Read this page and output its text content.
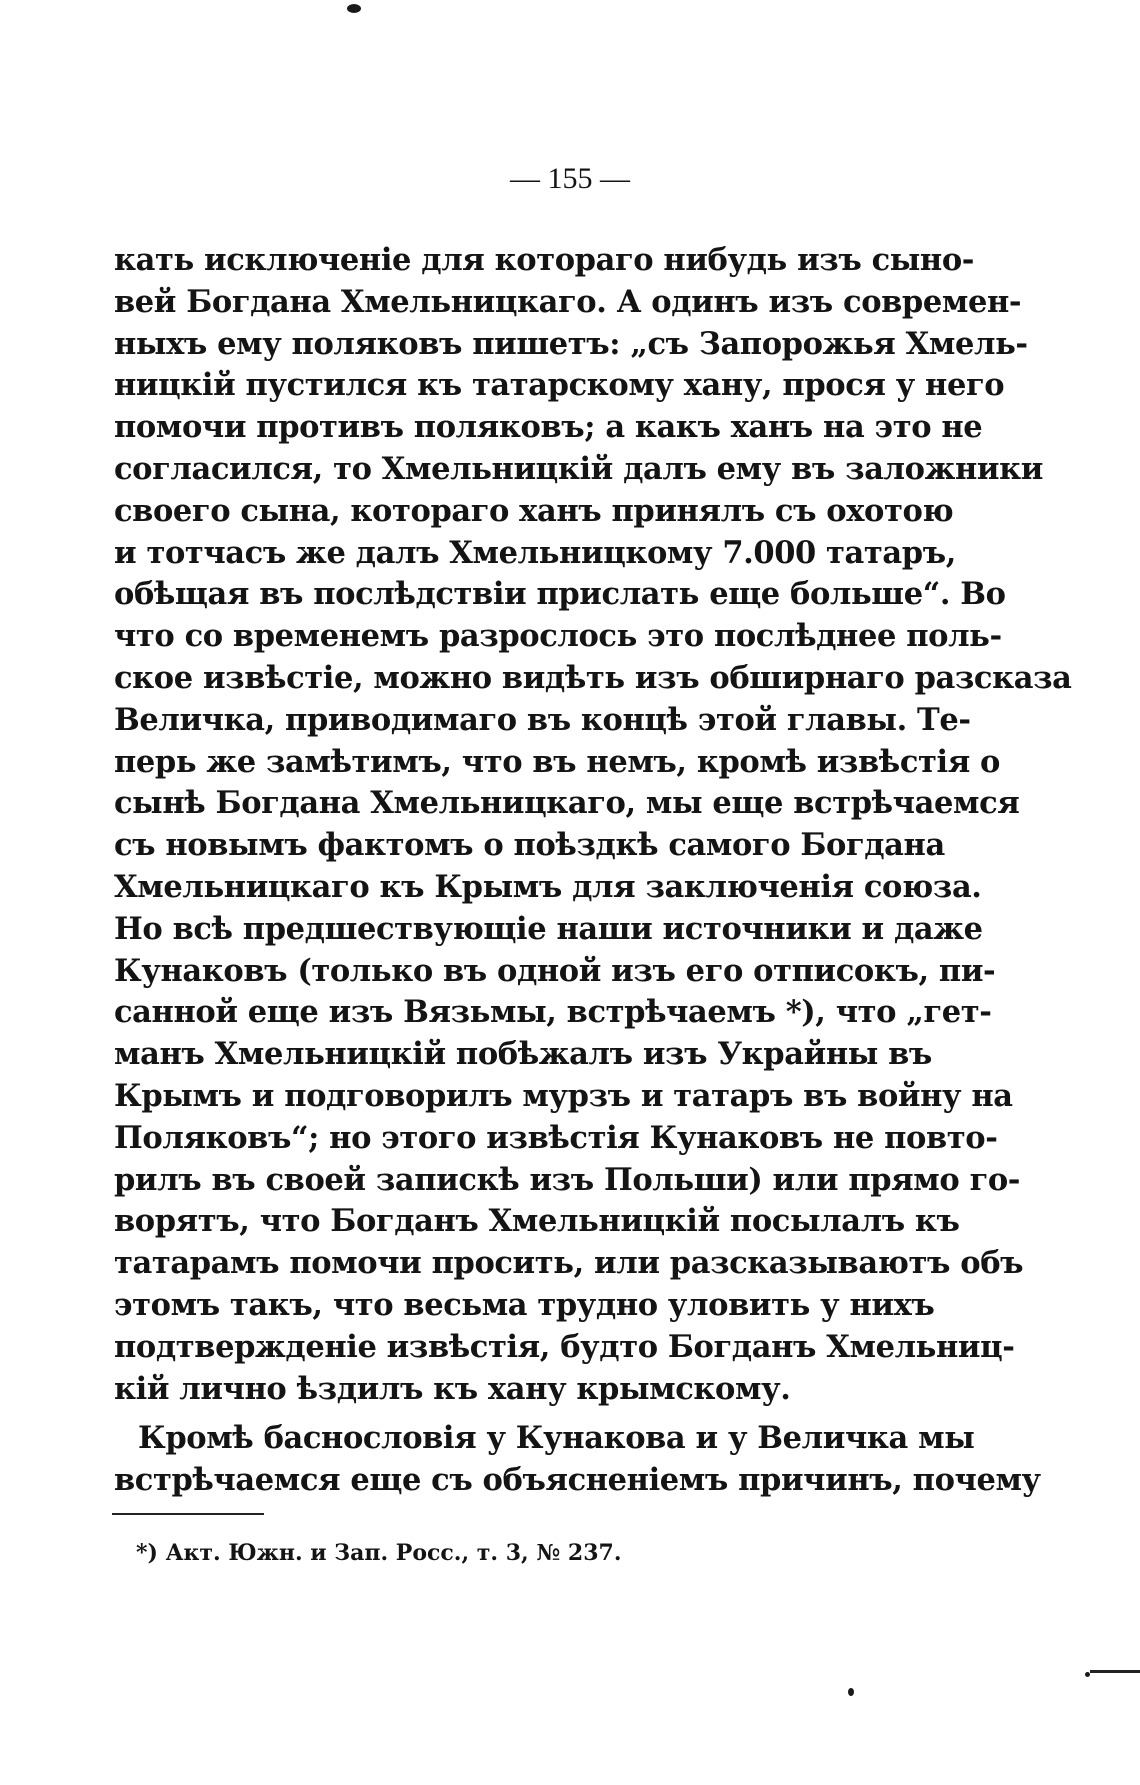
— 155 —
кать исключеніе для котораго нибудь изъ сыно-
вей Богдана Хмельницкаго. А одинъ изъ современ-
ныхъ ему поляковъ пишетъ: „съ Запорожья Хмель-
ницкій пустился къ татарскому хану, прося у него
помочи противъ поляковъ; а какъ ханъ на это не
согласился, то Хмельницкій далъ ему въ заложники
своего сына, котораго ханъ принялъ съ охотою
и тотчасъ же далъ Хмельницкому 7.000 татаръ,
обѣщая въ послѣдствіи прислать еще больше“. Во
что со временемъ разрослось это послѣднее поль-
ское извѣстіе, можно видѣть изъ обширнаго разсказа
Величка, приводимаго въ концѣ этой главы. Те-
перь же замѣтимъ, что въ немъ, кромѣ извѣстія о
сынѣ Богдана Хмельницкаго, мы еще встрѣчаемся
съ новымъ фактомъ о поѣздкѣ самого Богдана
Хмельницкаго къ Крымъ для заключенія союза.
Но всѣ предшествующіе наши источники и даже
Кунаковъ (только въ одной изъ его отписокъ, пи-
санной еще изъ Вязьмы, встрѣчаемъ *), что „гет-
манъ Хмельницкій побѣжалъ изъ Украйны въ
Крымъ и подговорилъ мурзъ и татаръ въ войну на
Поляковъ“; но этого извѣстія Кунаковъ не повто-
рилъ въ своей запискѣ изъ Польши) или прямо го-
ворятъ, что Богданъ Хмельницкій посылалъ къ
татарамъ помочи просить, или разсказываютъ объ
этомъ такъ, что весьма трудно уловить у нихъ
подтвержденіе извѣстія, будто Богданъ Хмельниц-
кій лично ѣздилъ къ хану крымскому.
Кромѣ баснословія у Кунакова и у Величка мы
встрѣчаемся еще съ объясненіемъ причинъ, почему
*) Акт. Южн. и Зап. Росс., т. 3, № 237.
